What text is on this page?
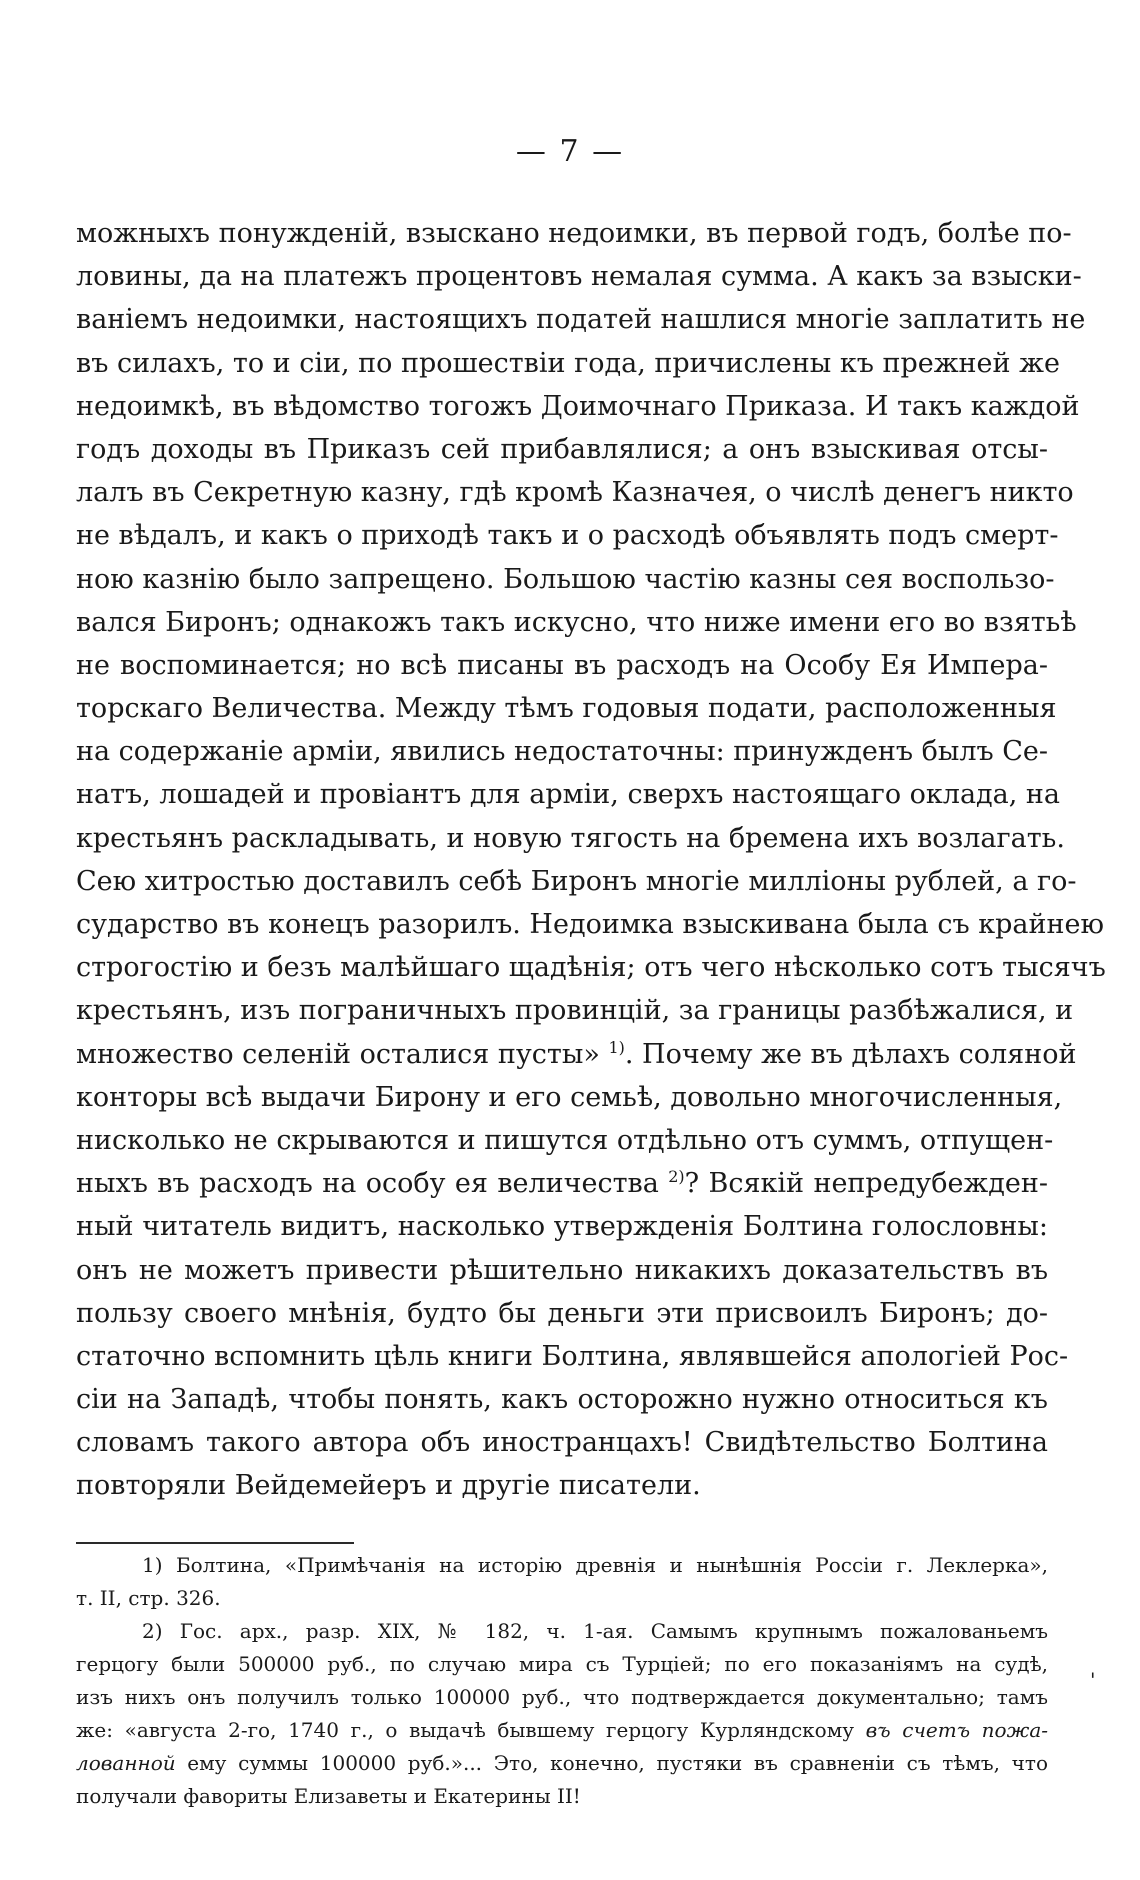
— 7 —
можныхъ понужденій, взыскано недоимки, въ первой годъ, болѣе по-
ловины, да на платежъ процентовъ немалая сумма. А какъ за взыски-
ваніемъ недоимки, настоящихъ податей нашлися многіе заплатить не
въ силахъ, то и сіи, по прошествіи года, причислены къ прежней же
недоимкѣ, въ вѣдомство тогожъ Доимочнаго Приказа. И такъ каждой
годъ доходы въ Приказъ сей прибавлялися; а онъ взыскивая отсы-
лалъ въ Секретную казну, гдѣ кромѣ Казначея, о числѣ денегъ никто
не вѣдалъ, и какъ о приходѣ такъ и о расходѣ объявлять подъ смерт-
ною казнію было запрещено. Большою частію казны сея воспользо-
вался Биронъ; однакожъ такъ искусно, что ниже имени его во взятьѣ
не воспоминается; но всѣ писаны въ расходъ на Особу Ея Импера-
торскаго Величества. Между тѣмъ годовыя подати, расположенныя
на содержаніе арміи, явились недостаточны: принужденъ былъ Се-
натъ, лошадей и провіантъ для арміи, сверхъ настоящаго оклада, на
крестьянъ раскладывать, и новую тягость на бремена ихъ возлагать.
Сею хитростью доставилъ себѣ Биронъ многіе милліоны рублей, а го-
сударство въ конецъ разорилъ. Недоимка взыскивана была съ крайнею
строгостію и безъ малѣйшаго щадѣнія; отъ чего нѣсколько сотъ тысячъ
крестьянъ, изъ пограничныхъ провинцій, за границы разбѣжалися, и
множество селеній осталися пусты» $^{1)}$. Почему же въ дѣлахъ соляной
конторы всѣ выдачи Бирону и его семьѣ, довольно многочисленныя,
нисколько не скрываются и пишутся отдѣльно отъ суммъ, отпущен-
ныхъ въ расходъ на особу ея величества $^{2)}$? Всякій непредубежден-
ный читатель видитъ, насколько утвержденія Болтина голословны:
онъ не можетъ привести рѣшительно никакихъ доказательствъ въ
пользу своего мнѣнія, будто бы деньги эти присвоилъ Биронъ; до-
статочно вспомнить цѣль книги Болтина, являвшейся апологіей Рос-
сіи на Западѣ, чтобы понять, какъ осторожно нужно относиться къ
словамъ такого автора объ иностранцахъ! Свидѣтельство Болтина
повторяли Вейдемейеръ и другіе писатели.
1) Болтина, «Примѣчанія на исторію древнія и нынѣшнія Россіи г. Леклерка»,
т. II, стр. 326.
2) Гос. арх., разр. XIX, № 182, ч. 1-ая. Самымъ крупнымъ пожалованьемъ
герцогу были 500000 руб., по случаю мира съ Турціей; по его показаніямъ на судѣ,
изъ нихъ онъ получилъ только 100000 руб., что подтверждается документально; тамъ
же: «августа 2-го, 1740 г., о выдачѣ бывшему герцогу Курляндскому въ счетъ пожа-
лованной ему суммы 100000 руб.»... Это, конечно, пустяки въ сравненіи съ тѣмъ, что
получали фавориты Елизаветы и Екатерины II!
'
